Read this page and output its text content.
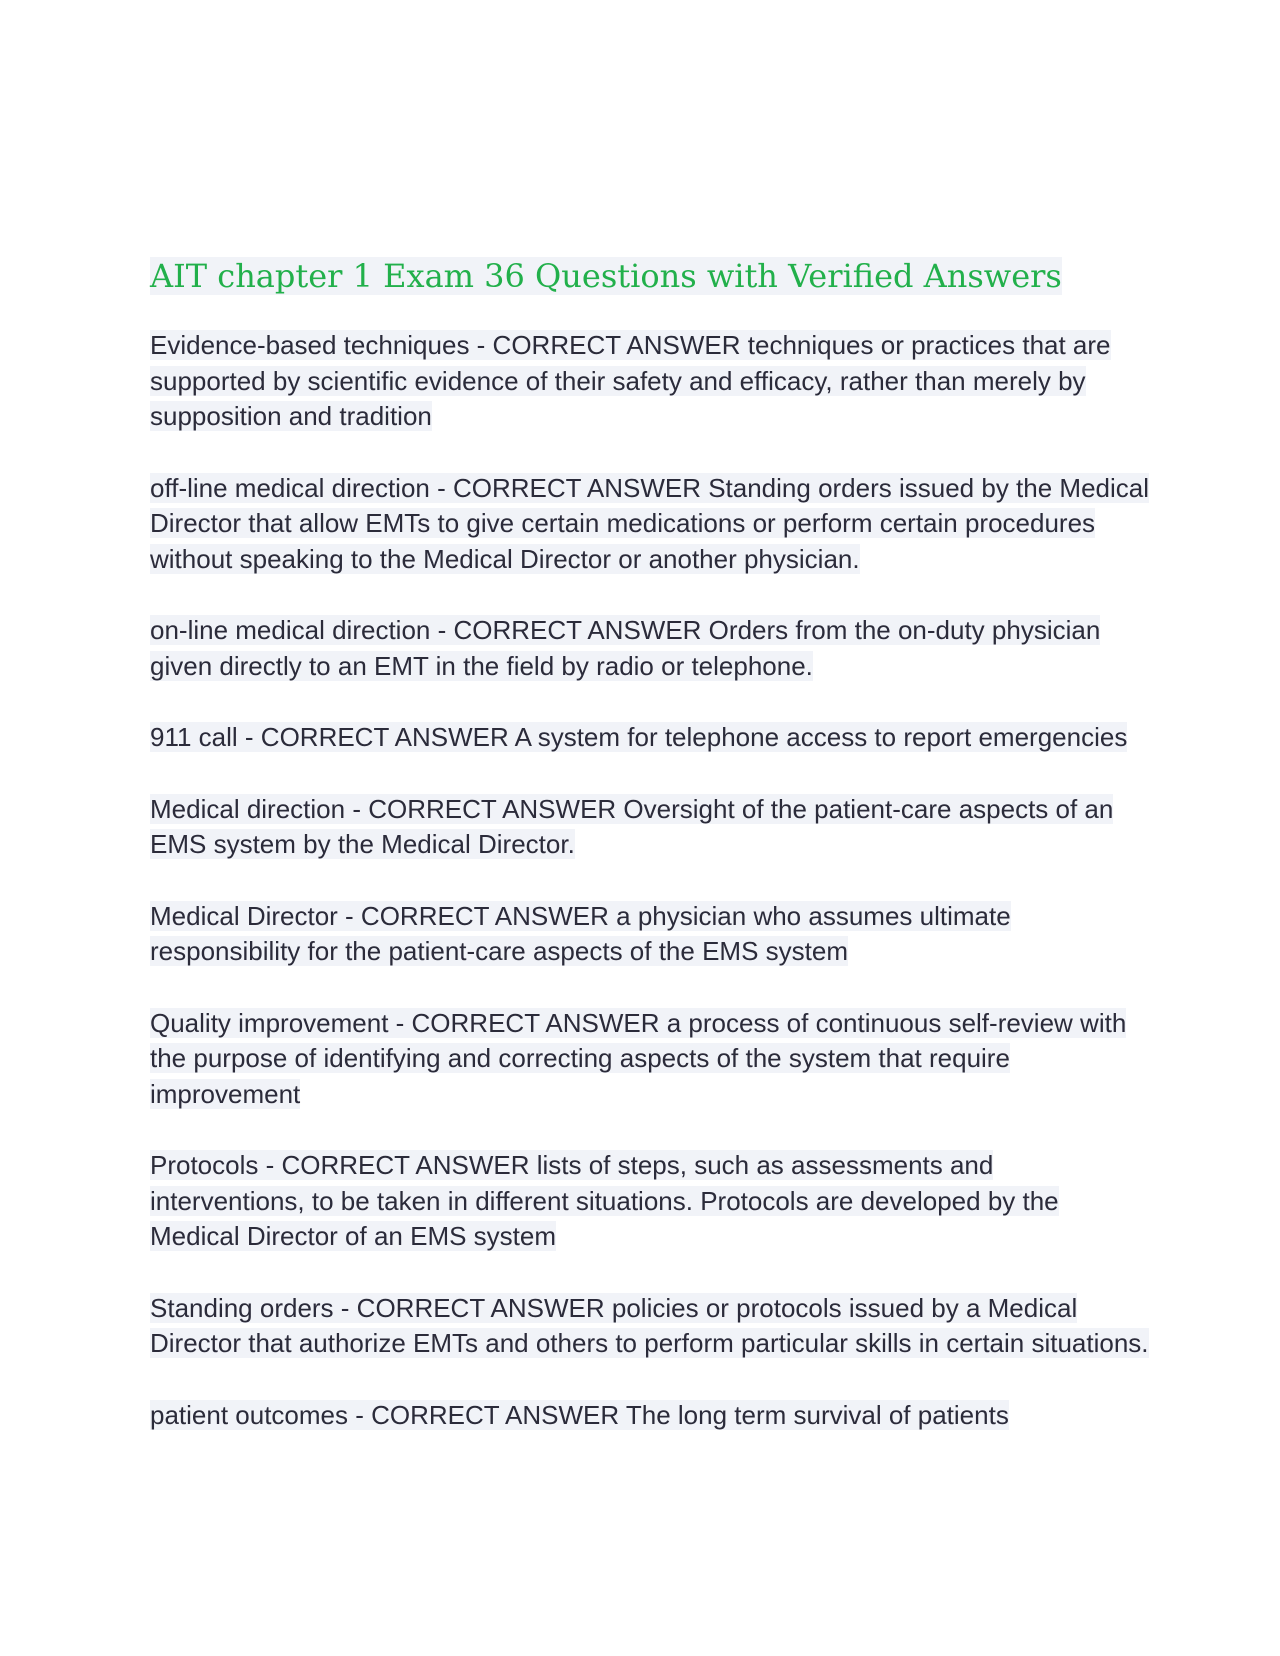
AIT chapter 1 Exam 36 Questions with Verified Answers

Evidence-based techniques - CORRECT ANSWER techniques or practices that are supported by scientific evidence of their safety and efficacy, rather than merely by supposition and tradition

off-line medical direction - CORRECT ANSWER Standing orders issued by the Medical Director that allow EMTs to give certain medications or perform certain procedures without speaking to the Medical Director or another physician.

on-line medical direction - CORRECT ANSWER Orders from the on-duty physician given directly to an EMT in the field by radio or telephone.

911 call - CORRECT ANSWER A system for telephone access to report emergencies

Medical direction - CORRECT ANSWER Oversight of the patient-care aspects of an EMS system by the Medical Director.

Medical Director - CORRECT ANSWER a physician who assumes ultimate responsibility for the patient-care aspects of the EMS system

Quality improvement - CORRECT ANSWER a process of continuous self-review with the purpose of identifying and correcting aspects of the system that require improvement

Protocols - CORRECT ANSWER lists of steps, such as assessments and interventions, to be taken in different situations. Protocols are developed by the Medical Director of an EMS system

Standing orders - CORRECT ANSWER policies or protocols issued by a Medical Director that authorize EMTs and others to perform particular skills in certain situations.

patient outcomes - CORRECT ANSWER The long term survival of patients
